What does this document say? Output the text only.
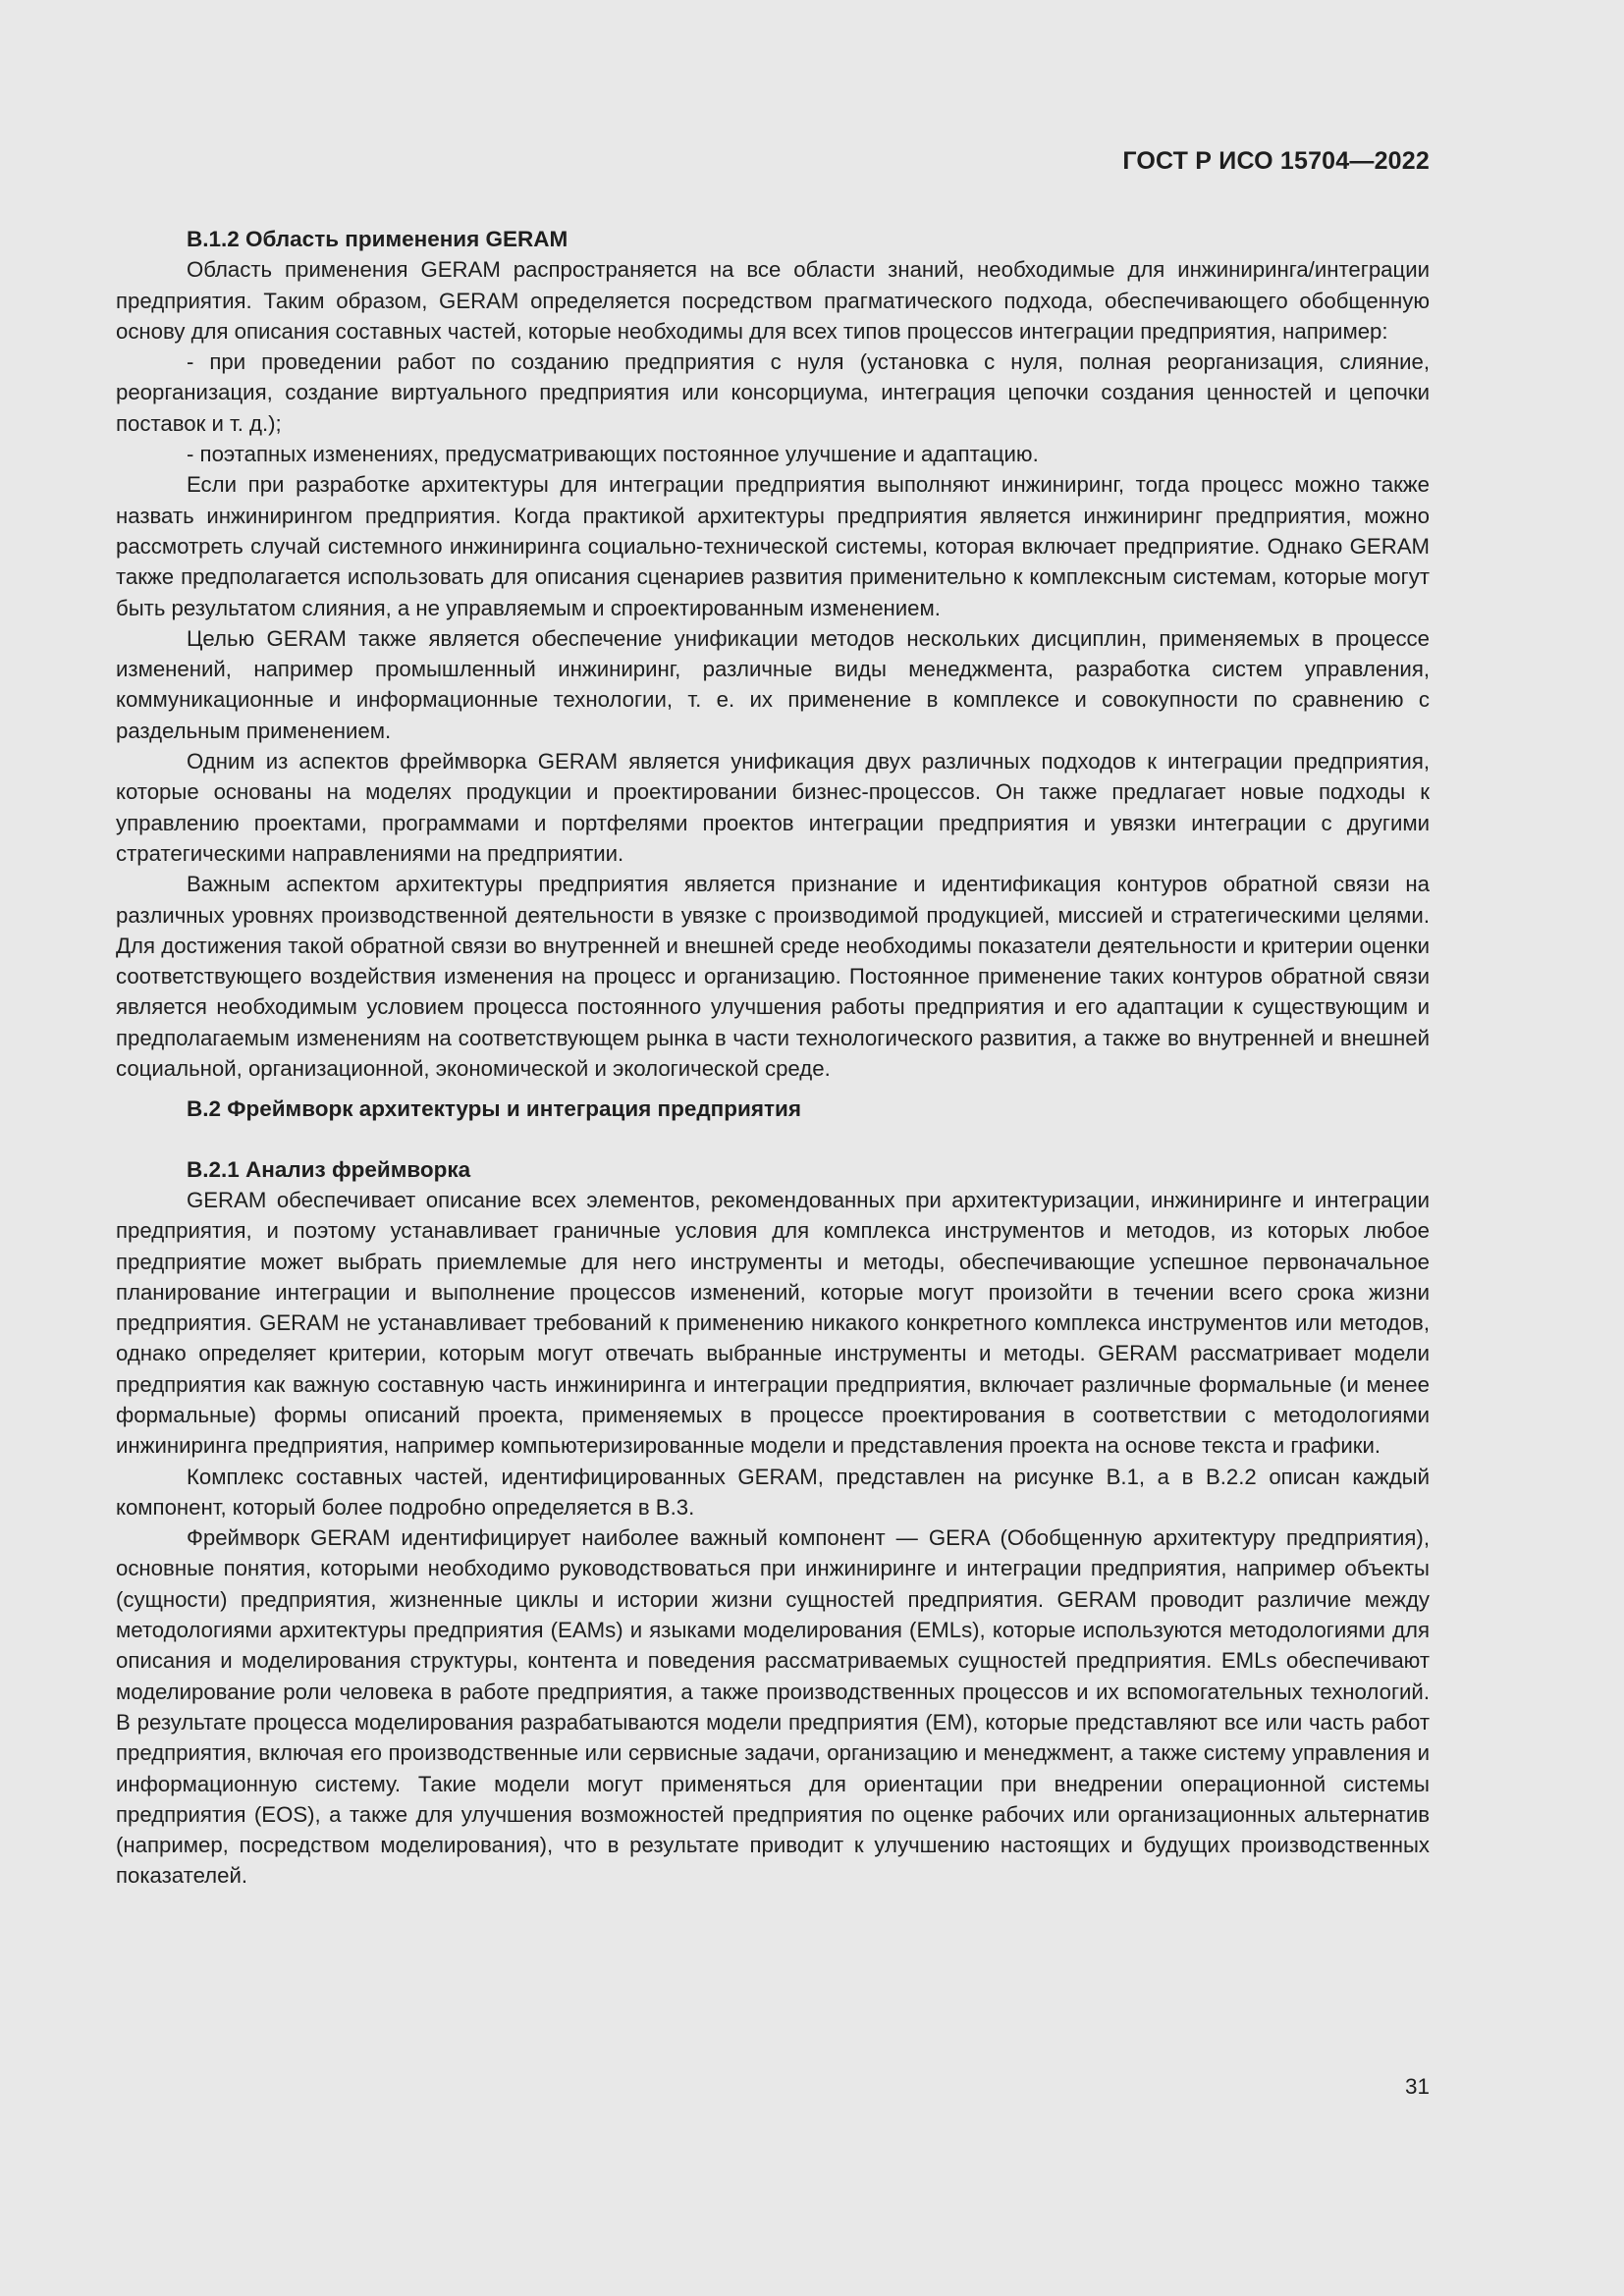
ГОСТ Р ИСО 15704—2022
B.1.2 Область применения GERAM

Область применения GERAM распространяется на все области знаний, необходимые для инжиниринга/интеграции предприятия. Таким образом, GERAM определяется посредством прагматического подхода, обеспечивающего обобщенную основу для описания составных частей, которые необходимы для всех типов процессов интеграции предприятия, например:

- при проведении работ по созданию предприятия с нуля (установка с нуля, полная реорганизация, слияние, реорганизация, создание виртуального предприятия или консорциума, интеграция цепочки создания ценностей и цепочки поставок и т. д.);

- поэтапных изменениях, предусматривающих постоянное улучшение и адаптацию.

Если при разработке архитектуры для интеграции предприятия выполняют инжиниринг, тогда процесс можно также назвать инжинирингом предприятия. Когда практикой архитектуры предприятия является инжиниринг предприятия, можно рассмотреть случай системного инжиниринга социально-технической системы, которая включает предприятие. Однако GERAM также предполагается использовать для описания сценариев развития применительно к комплексным системам, которые могут быть результатом слияния, а не управляемым и спроектированным изменением.

Целью GERAM также является обеспечение унификации методов нескольких дисциплин, применяемых в процессе изменений, например промышленный инжиниринг, различные виды менеджмента, разработка систем управления, коммуникационные и информационные технологии, т. е. их применение в комплексе и совокупности по сравнению с раздельным применением.

Одним из аспектов фреймворка GERAM является унификация двух различных подходов к интеграции предприятия, которые основаны на моделях продукции и проектировании бизнес-процессов. Он также предлагает новые подходы к управлению проектами, программами и портфелями проектов интеграции предприятия и увязки интеграции с другими стратегическими направлениями на предприятии.

Важным аспектом архитектуры предприятия является признание и идентификация контуров обратной связи на различных уровнях производственной деятельности в увязке с производимой продукцией, миссией и стратегическими целями. Для достижения такой обратной связи во внутренней и внешней среде необходимы показатели деятельности и критерии оценки соответствующего воздействия изменения на процесс и организацию. Постоянное применение таких контуров обратной связи является необходимым условием процесса постоянного улучшения работы предприятия и его адаптации к существующим и предполагаемым изменениям на соответствующем рынка в части технологического развития, а также во внутренней и внешней социальной, организационной, экономической и экологической среде.

B.2 Фреймворк архитектуры и интеграция предприятия
B.2.1 Анализ фреймворка

GERAM обеспечивает описание всех элементов, рекомендованных при архитектуризации, инжиниринге и интеграции предприятия, и поэтому устанавливает граничные условия для комплекса инструментов и методов, из которых любое предприятие может выбрать приемлемые для него инструменты и методы, обеспечивающие успешное первоначальное планирование интеграции и выполнение процессов изменений, которые могут произойти в течении всего срока жизни предприятия. GERAM не устанавливает требований к применению никакого конкретного комплекса инструментов или методов, однако определяет критерии, которым могут отвечать выбранные инструменты и методы. GERAM рассматривает модели предприятия как важную составную часть инжиниринга и интеграции предприятия, включает различные формальные (и менее формальные) формы описаний проекта, применяемых в процессе проектирования в соответствии с методологиями инжиниринга предприятия, например компьютеризированные модели и представления проекта на основе текста и графики.

Комплекс составных частей, идентифицированных GERAM, представлен на рисунке B.1, а в B.2.2 описан каждый компонент, который более подробно определяется в B.3.

Фреймворк GERAM идентифицирует наиболее важный компонент — GERA (Обобщенную архитектуру предприятия), основные понятия, которыми необходимо руководствоваться при инжиниринге и интеграции предприятия, например объекты (сущности) предприятия, жизненные циклы и истории жизни сущностей предприятия. GERAM проводит различие между методологиями архитектуры предприятия (EAMs) и языками моделирования (EMLs), которые используются методологиями для описания и моделирования структуры, контента и поведения рассматриваемых сущностей предприятия. EMLs обеспечивают моделирование роли человека в работе предприятия, а также производственных процессов и их вспомогательных технологий. В результате процесса моделирования разрабатываются модели предприятия (EM), которые представляют все или часть работ предприятия, включая его производственные или сервисные задачи, организацию и менеджмент, а также систему управления и информационную систему. Такие модели могут применяться для ориентации при внедрении операционной системы предприятия (EOS), а также для улучшения возможностей предприятия по оценке рабочих или организационных альтернатив (например, посредством моделирования), что в результате приводит к улучшению настоящих и будущих производственных показателей.

31
